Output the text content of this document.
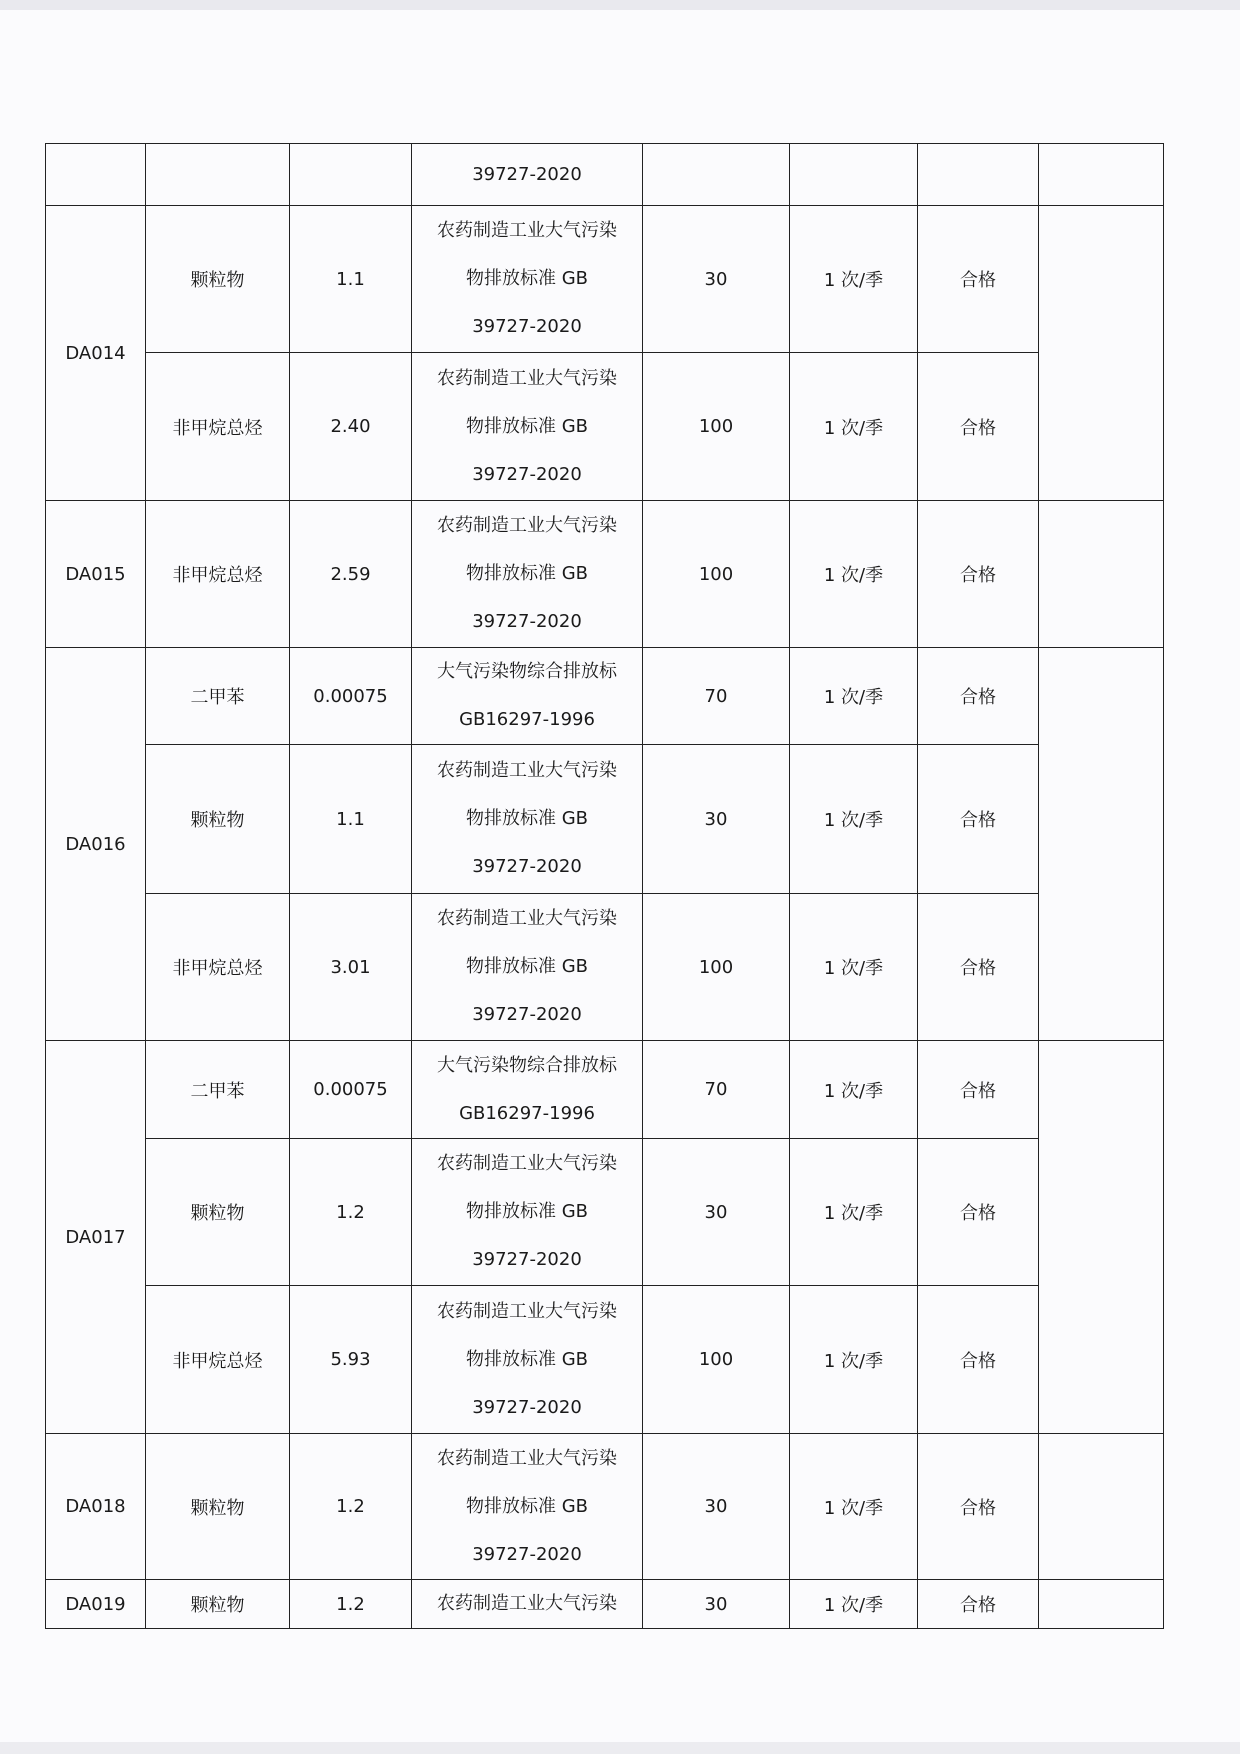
			39727-2020				

DA014	颗粒物	1.1	农药制造工业大气污染
物排放标准 GB
39727-2020	30	1 次/季	合格	
	非甲烷总烃	2.40	农药制造工业大气污染
物排放标准 GB
39727-2020	100	1 次/季	合格	
DA015	非甲烷总烃	2.59	农药制造工业大气污染
物排放标准 GB
39727-2020	100	1 次/季	合格	
DA016	二甲苯	0.00075	大气污染物综合排放标
GB16297-1996	70	1 次/季	合格	
	颗粒物	1.1	农药制造工业大气污染
物排放标准 GB
39727-2020	30	1 次/季	合格	
	非甲烷总烃	3.01	农药制造工业大气污染
物排放标准 GB
39727-2020	100	1 次/季	合格	
DA017	二甲苯	0.00075	大气污染物综合排放标
GB16297-1996	70	1 次/季	合格	
	颗粒物	1.2	农药制造工业大气污染
物排放标准 GB
39727-2020	30	1 次/季	合格	
	非甲烷总烃	5.93	农药制造工业大气污染
物排放标准 GB
39727-2020	100	1 次/季	合格	
DA018	颗粒物	1.2	农药制造工业大气污染
物排放标准 GB
39727-2020	30	1 次/季	合格	
DA019	颗粒物	1.2	农药制造工业大气污染	30	1 次/季	合格	
